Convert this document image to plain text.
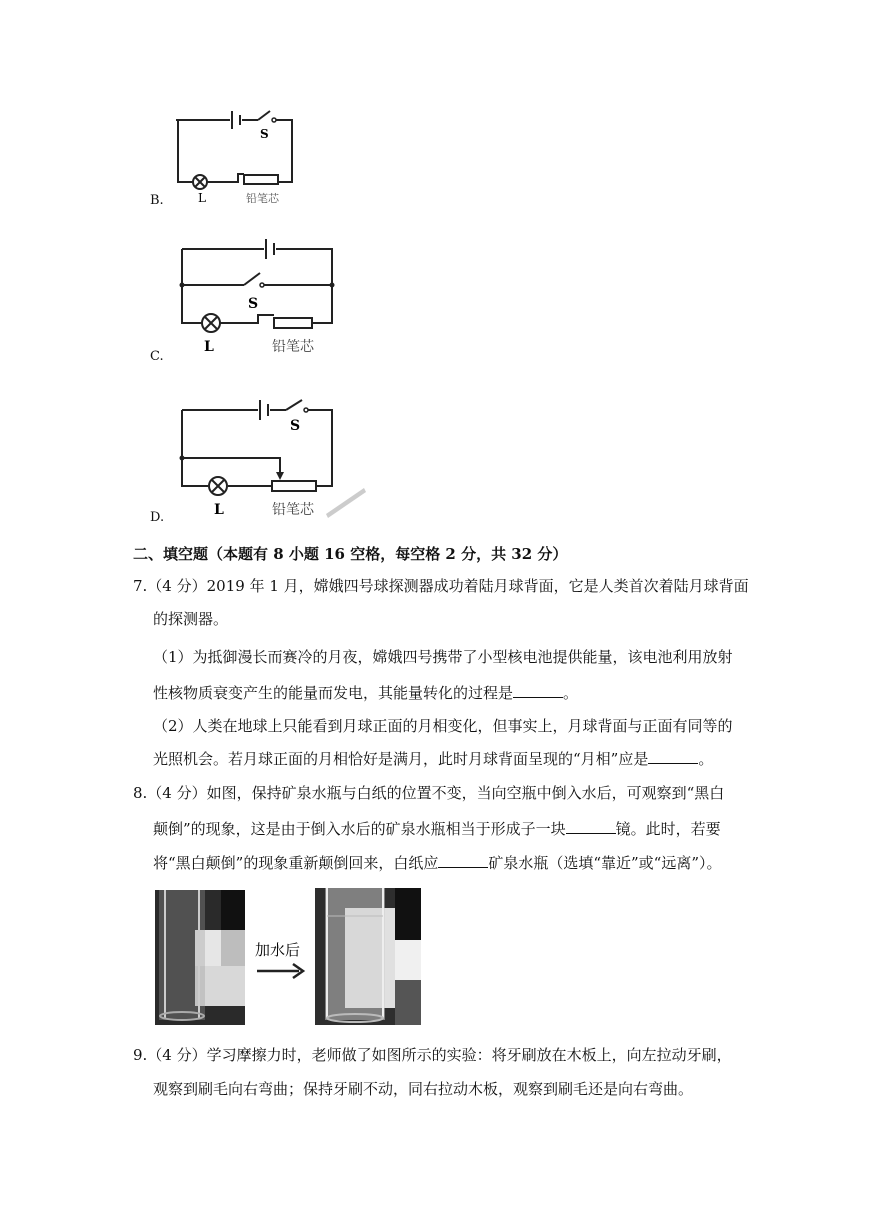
S
L	铅笔芯
B.
S
L	铅笔芯
C.
S
L	铅笔芯
D.
二、填空题（本题有 8 小题 16 空格，每空格 2 分，共 32 分）
7.（4 分）2019 年 1 月，嫦娥四号球探测器成功着陆月球背面，它是人类首次着陆月球背面
的探测器。
（1）为抵御漫长而赛冷的月夜，嫦娥四号携带了小型核电池提供能量，该电池利用放射
性核物质衰变产生的能量而发电，其能量转化的过程是	。
（2）人类在地球上只能看到月球正面的月相变化，但事实上，月球背面与正面有同等的
光照机会。若月球正面的月相恰好是满月，此时月球背面呈现的“月相”应是	。
8.（4 分）如图，保持矿泉水瓶与白纸的位置不变，当向空瓶中倒入水后，可观察到“黑白
颠倒”的现象，这是由于倒入水后的矿泉水瓶相当于形成子一块	镜。此时，若要
将“黑白颠倒”的现象重新颠倒回来，白纸应	矿泉水瓶（选填“靠近”或“远离”）。
加水后
9.（4 分）学习摩擦力时，老师做了如图所示的实验：将牙刷放在木板上，向左拉动牙刷，
观察到刷毛向右弯曲；保持牙刷不动，同右拉动木板，观察到刷毛还是向右弯曲。
